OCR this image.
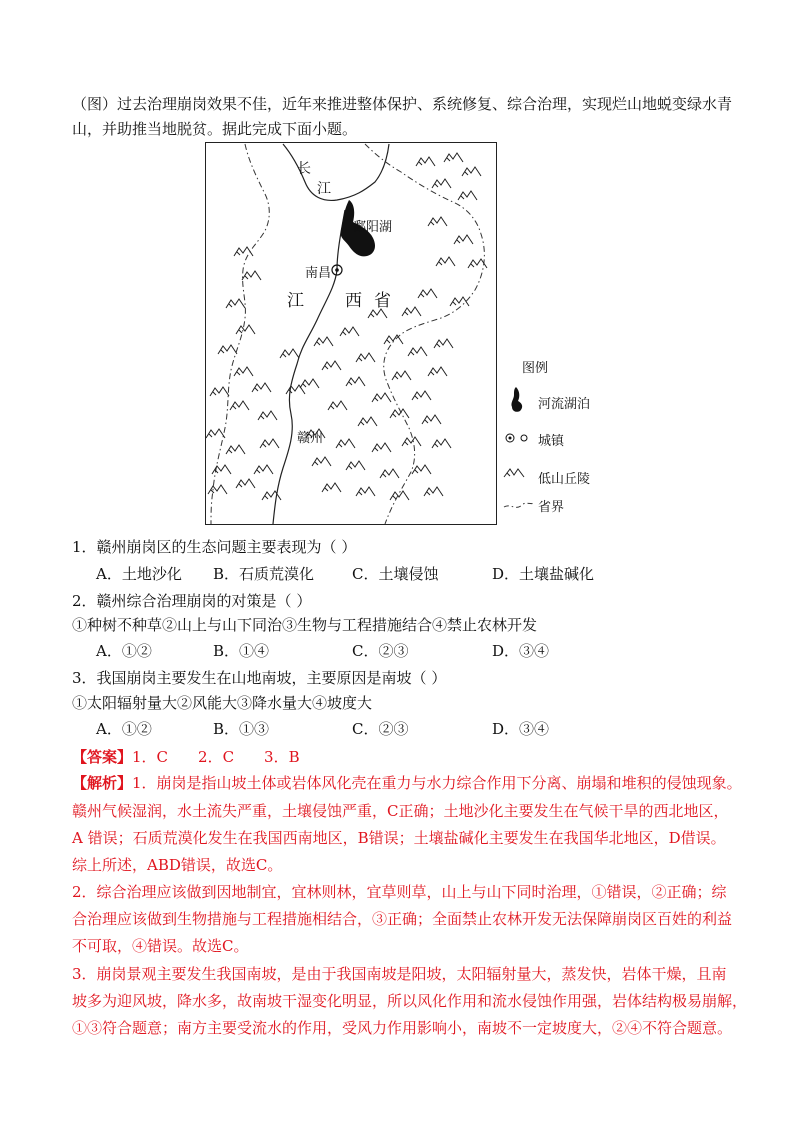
（图）过去治理崩岗效果不佳，近年来推进整体保护、系统修复、综合治理，实现烂山地蜕变绿水青
山，并助推当地脱贫。据此完成下面小题。
长
江
鄱阳湖
南昌
江　西省
赣州
图例
河流湖泊
城镇
低山丘陵
省界
1．赣州崩岗区的生态问题主要表现为（ ）
A．土地沙化 B．石质荒漠化	C．土壤侵蚀	D．土壤盐碱化
2．赣州综合治理崩岗的对策是（ ）
①种树不种草②山上与山下同治③生物与工程措施结合④禁止农林开发
A．①②	B．①④	C．②③	D．③④
3．我国崩岗主要发生在山地南坡，主要原因是南坡（ ）
①太阳辐射量大②风能大③降水量大④坡度大
A．①②	B．①③	C．②③	D．③④
【答案】1．C　　2．C　　3．B
【解析】1．崩岗是指山坡土体或岩体风化壳在重力与水力综合作用下分离、崩塌和堆积的侵蚀现象。
赣州气候湿润，水土流失严重，土壤侵蚀严重，C正确；土地沙化主要发生在气候干旱的西北地区，
A 错误；石质荒漠化发生在我国西南地区，B错误；土壤盐碱化主要发生在我国华北地区，D借误。
综上所述，ABD错误，故选C。
2．综合治理应该做到因地制宜，宜林则林，宜草则草，山上与山下同时治理，①错误，②正确；综
合治理应该做到生物措施与工程措施相结合，③正确；全面禁止农林开发无法保障崩岗区百姓的利益
不可取，④错误。故选C。
3．崩岗景观主要发生我国南坡，是由于我国南坡是阳坡，太阳辐射量大，蒸发快，岩体干燥，且南
坡多为迎风坡，降水多，故南坡干湿变化明显，所以风化作用和流水侵蚀作用强，岩体结构极易崩解，
①③符合题意；南方主要受流水的作用，受风力作用影响小，南坡不一定坡度大，②④不符合题意。
